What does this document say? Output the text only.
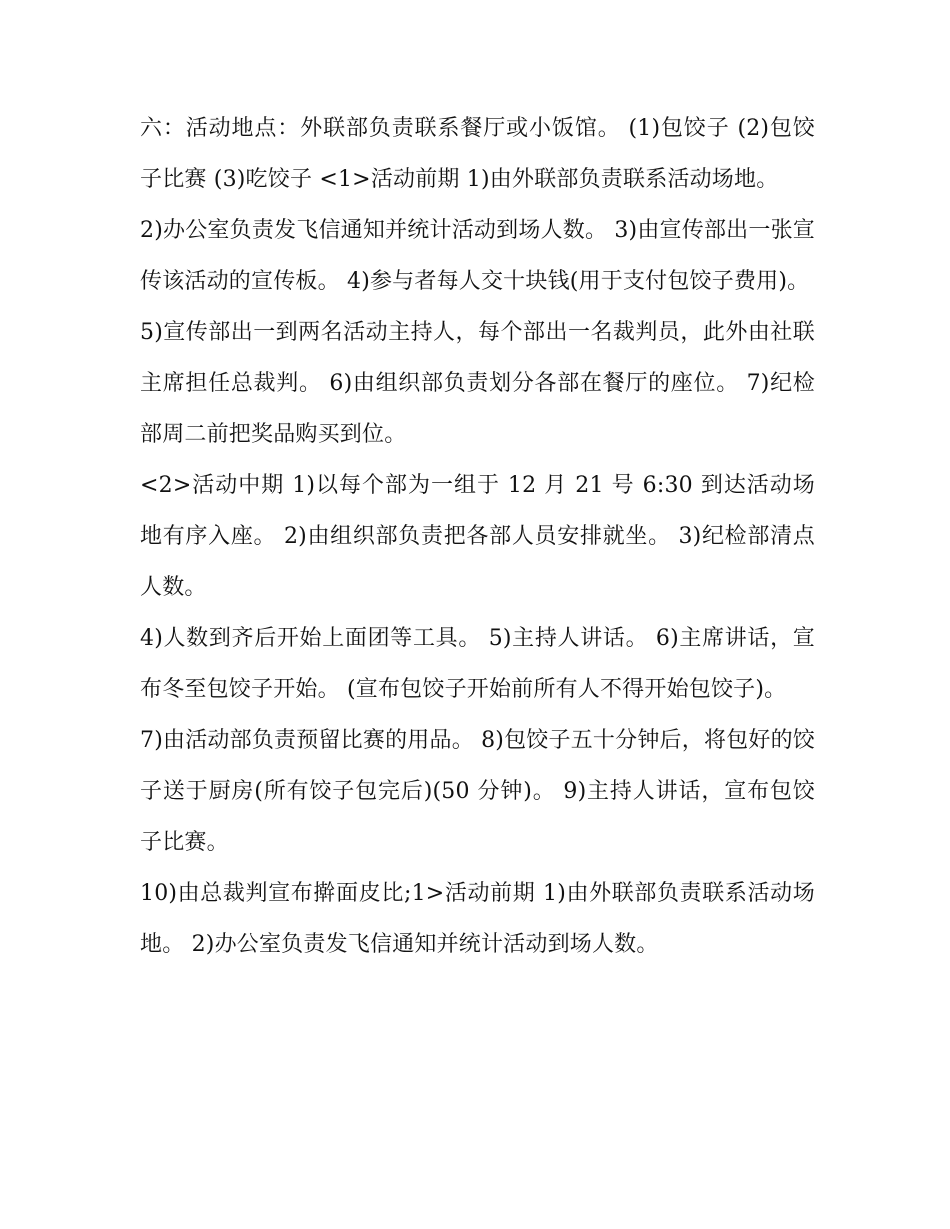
六：活动地点：外联部负责联系餐厅或小饭馆。 (1)包饺子 (2)包饺子比赛 (3)吃饺子 <1>活动前期 1)由外联部负责联系活动场地。

2)办公室负责发飞信通知并统计活动到场人数。 3)由宣传部出一张宣传该活动的宣传板。 4)参与者每人交十块钱(用于支付包饺子费用)。

5)宣传部出一到两名活动主持人，每个部出一名裁判员，此外由社联主席担任总裁判。 6)由组织部负责划分各部在餐厅的座位。 7)纪检部周二前把奖品购买到位。

<2>活动中期 1)以每个部为一组于 12 月 21 号 6:30 到达活动场地有序入座。 2)由组织部负责把各部人员安排就坐。 3)纪检部清点人数。

4)人数到齐后开始上面团等工具。 5)主持人讲话。 6)主席讲话，宣布冬至包饺子开始。 (宣布包饺子开始前所有人不得开始包饺子)。

7)由活动部负责预留比赛的用品。 8)包饺子五十分钟后，将包好的饺子送于厨房(所有饺子包完后)(50 分钟)。 9)主持人讲话，宣布包饺子比赛。

10)由总裁判宣布擀面皮比;1>活动前期 1)由外联部负责联系活动场地。 2)办公室负责发飞信通知并统计活动到场人数。
